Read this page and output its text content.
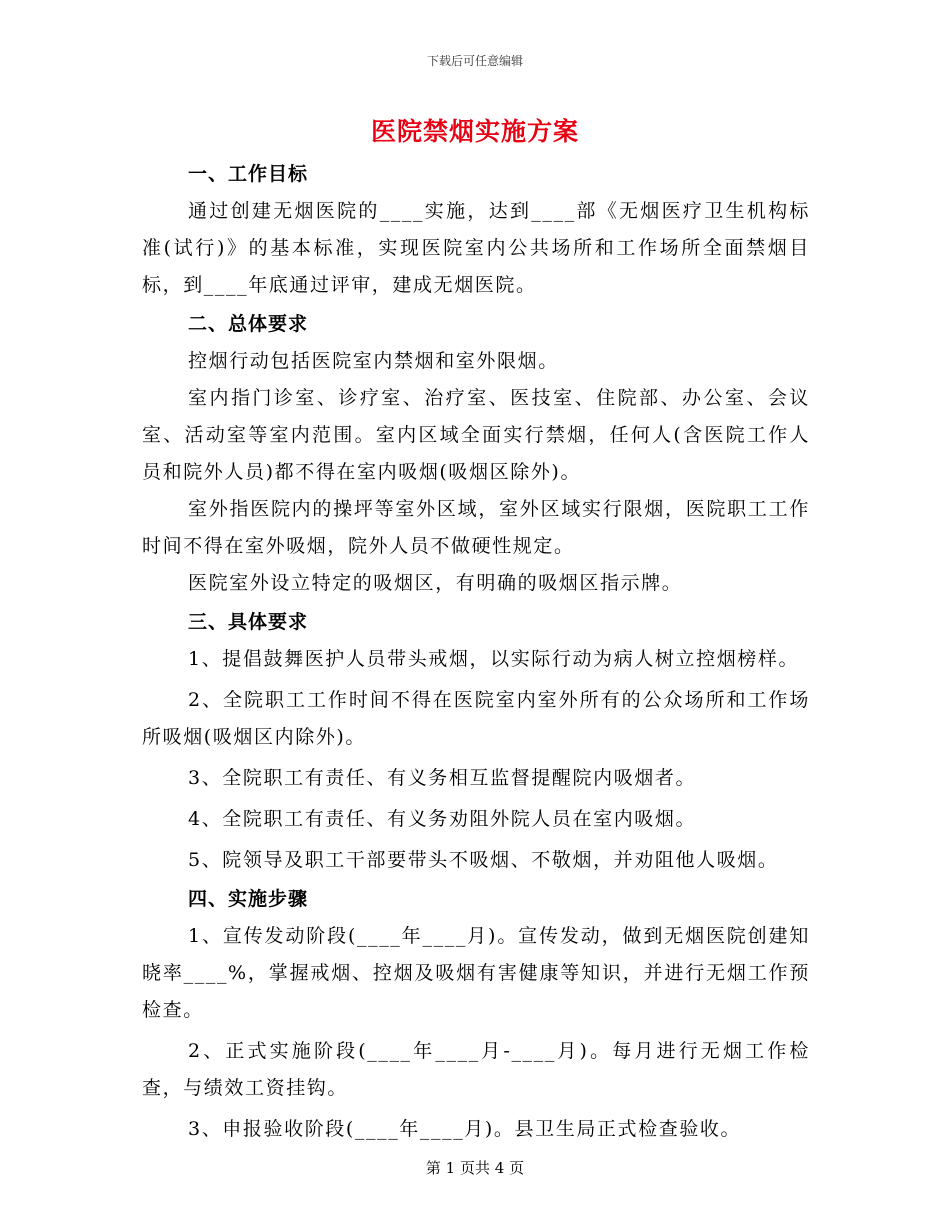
下载后可任意编辑
医院禁烟实施方案

一、工作目标

通过创建无烟医院的____实施，达到____部《无烟医疗卫生机构标准(试行)》的基本标准，实现医院室内公共场所和工作场所全面禁烟目标，到____年底通过评审，建成无烟医院。

二、总体要求

控烟行动包括医院室内禁烟和室外限烟。

室内指门诊室、诊疗室、治疗室、医技室、住院部、办公室、会议室、活动室等室内范围。室内区域全面实行禁烟，任何人(含医院工作人员和院外人员)都不得在室内吸烟(吸烟区除外)。

室外指医院内的操坪等室外区域，室外区域实行限烟，医院职工工作时间不得在室外吸烟，院外人员不做硬性规定。

医院室外设立特定的吸烟区，有明确的吸烟区指示牌。

三、具体要求

1、提倡鼓舞医护人员带头戒烟，以实际行动为病人树立控烟榜样。

2、全院职工工作时间不得在医院室内室外所有的公众场所和工作场所吸烟(吸烟区内除外)。

3、全院职工有责任、有义务相互监督提醒院内吸烟者。

4、全院职工有责任、有义务劝阻外院人员在室内吸烟。

5、院领导及职工干部要带头不吸烟、不敬烟，并劝阻他人吸烟。

四、实施步骤

1、宣传发动阶段(____年____月)。宣传发动，做到无烟医院创建知晓率____%，掌握戒烟、控烟及吸烟有害健康等知识，并进行无烟工作预检查。

2、正式实施阶段(____年____月-____月)。每月进行无烟工作检查，与绩效工资挂钩。

3、申报验收阶段(____年____月)。县卫生局正式检查验收。

第 1 页共 4 页
